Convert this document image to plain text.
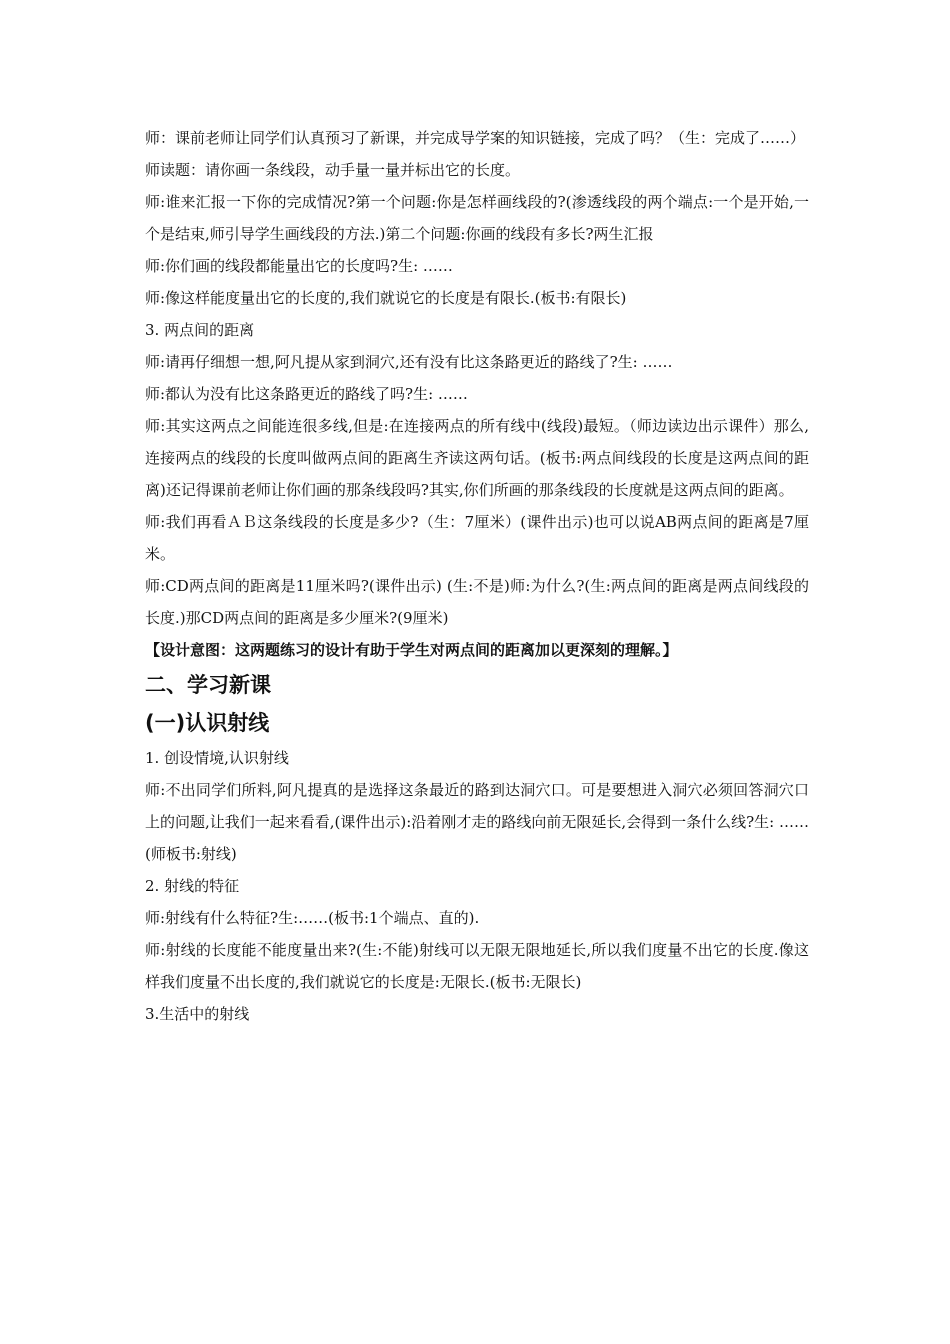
师：课前老师让同学们认真预习了新课，并完成导学案的知识链接，完成了吗？（生：完成了……）

师读题：请你画一条线段，动手量一量并标出它的长度。

师:谁来汇报一下你的完成情况?第一个问题:你是怎样画线段的?(渗透线段的两个端点:一个是开始,一个是结束,师引导学生画线段的方法.)第二个问题:你画的线段有多长?两生汇报

师:你们画的线段都能量出它的长度吗?生: ……

师:像这样能度量出它的长度的,我们就说它的长度是有限长.(板书:有限长)

3. 两点间的距离

师:请再仔细想一想,阿凡提从家到洞穴,还有没有比这条路更近的路线了?生: ……

师:都认为没有比这条路更近的路线了吗?生: ……

师:其实这两点之间能连很多线,但是:在连接两点的所有线中(线段)最短。（师边读边出示课件）那么,连接两点的线段的长度叫做两点间的距离生齐读这两句话。(板书:两点间线段的长度是这两点间的距离)还记得课前老师让你们画的那条线段吗?其实,你们所画的那条线段的长度就是这两点间的距离。

师:我们再看ＡＢ这条线段的长度是多少?（生：7厘米）(课件出示)也可以说AB两点间的距离是7厘米。

师:CD两点间的距离是11厘米吗?(课件出示) (生:不是)师:为什么?(生:两点间的距离是两点间线段的长度.)那CD两点间的距离是多少厘米?(9厘米)

【设计意图：这两题练习的设计有助于学生对两点间的距离加以更深刻的理解。】

二、学习新课
(一)认识射线

1. 创设情境,认识射线

师:不出同学们所料,阿凡提真的是选择这条最近的路到达洞穴口。可是要想进入洞穴必须回答洞穴口上的问题,让我们一起来看看,(课件出示):沿着刚才走的路线向前无限延长,会得到一条什么线?生: ……(师板书:射线)

2. 射线的特征

师:射线有什么特征?生:……(板书:1个端点、直的).

师:射线的长度能不能度量出来?(生:不能)射线可以无限无限地延长,所以我们度量不出它的长度.像这样我们度量不出长度的,我们就说它的长度是:无限长.(板书:无限长)

3.生活中的射线
